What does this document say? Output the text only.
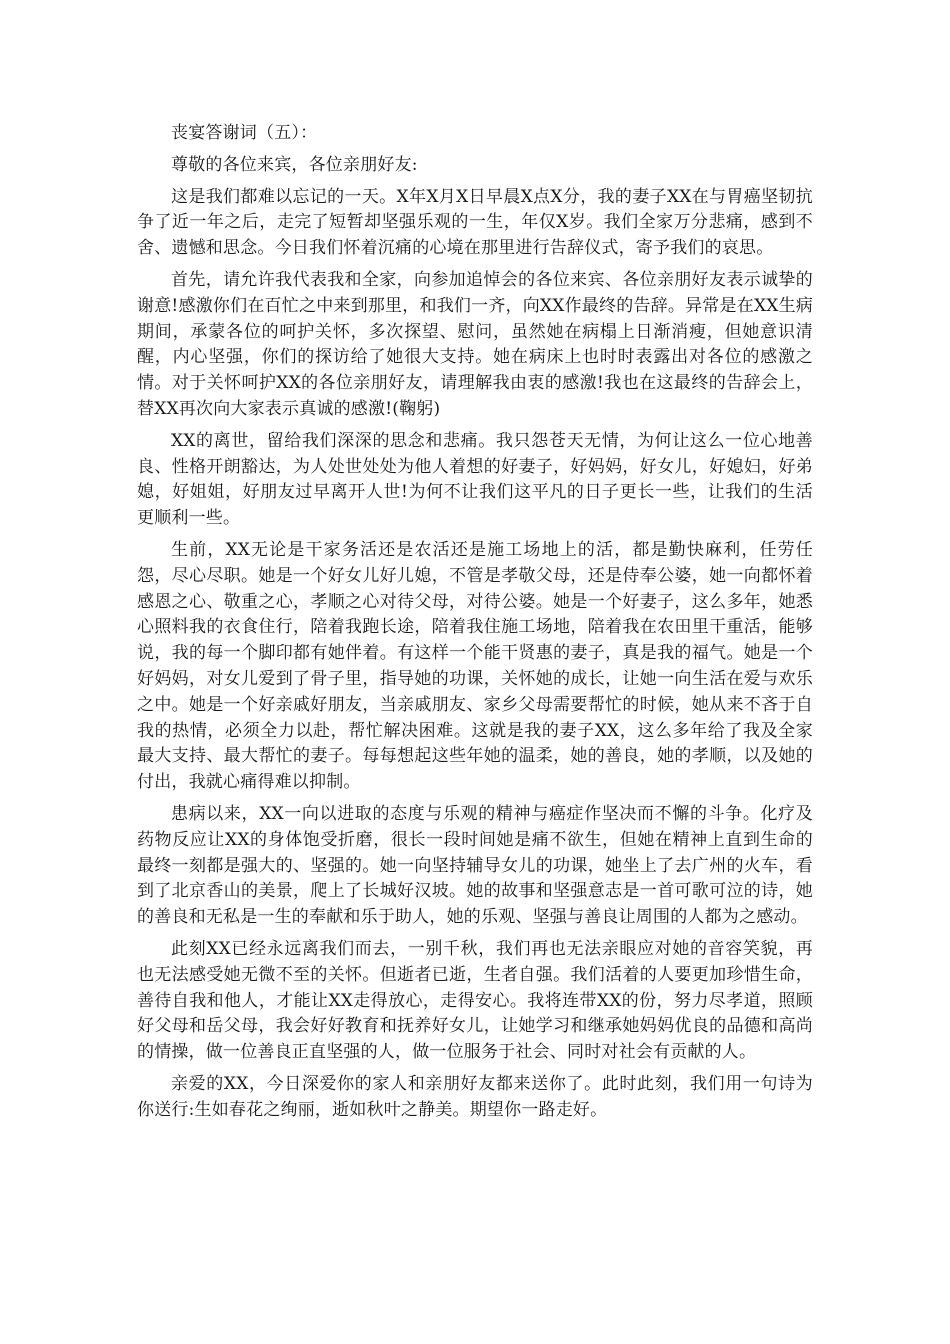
丧宴答谢词（五）：

尊敬的各位来宾，各位亲朋好友:

这是我们都难以忘记的一天。X年X月X日早晨X点X分，我的妻子XX在与胃癌坚韧抗争了近一年之后，走完了短暂却坚强乐观的一生，年仅X岁。我们全家万分悲痛，感到不舍、遗憾和思念。今日我们怀着沉痛的心境在那里进行告辞仪式，寄予我们的哀思。

首先，请允许我代表我和全家，向参加追悼会的各位来宾、各位亲朋好友表示诚挚的谢意!感激你们在百忙之中来到那里，和我们一齐，向XX作最终的告辞。异常是在XX生病期间，承蒙各位的呵护关怀，多次探望、慰问，虽然她在病榻上日渐消瘦，但她意识清醒，内心坚强，你们的探访给了她很大支持。她在病床上也时时表露出对各位的感激之情。对于关怀呵护XX的各位亲朋好友，请理解我由衷的感激!我也在这最终的告辞会上，替XX再次向大家表示真诚的感激!(鞠躬)

XX的离世，留给我们深深的思念和悲痛。我只怨苍天无情，为何让这么一位心地善良、性格开朗豁达，为人处世处处为他人着想的好妻子，好妈妈，好女儿，好媳妇，好弟媳，好姐姐，好朋友过早离开人世!为何不让我们这平凡的日子更长一些，让我们的生活更顺利一些。

生前，XX无论是干家务活还是农活还是施工场地上的活，都是勤快麻利，任劳任怨，尽心尽职。她是一个好女儿好儿媳，不管是孝敬父母，还是侍奉公婆，她一向都怀着感恩之心、敬重之心，孝顺之心对待父母，对待公婆。她是一个好妻子，这么多年，她悉心照料我的衣食住行，陪着我跑长途，陪着我住施工场地，陪着我在农田里干重活，能够说，我的每一个脚印都有她伴着。有这样一个能干贤惠的妻子，真是我的福气。她是一个好妈妈，对女儿爱到了骨子里，指导她的功课，关怀她的成长，让她一向生活在爱与欢乐之中。她是一个好亲戚好朋友，当亲戚朋友、家乡父母需要帮忙的时候，她从来不吝于自我的热情，必须全力以赴，帮忙解决困难。这就是我的妻子XX，这么多年给了我及全家最大支持、最大帮忙的妻子。每每想起这些年她的温柔，她的善良，她的孝顺，以及她的付出，我就心痛得难以抑制。

患病以来，XX一向以进取的态度与乐观的精神与癌症作坚决而不懈的斗争。化疗及药物反应让XX的身体饱受折磨，很长一段时间她是痛不欲生，但她在精神上直到生命的最终一刻都是强大的、坚强的。她一向坚持辅导女儿的功课，她坐上了去广州的火车，看到了北京香山的美景，爬上了长城好汉坡。她的故事和坚强意志是一首可歌可泣的诗，她的善良和无私是一生的奉献和乐于助人，她的乐观、坚强与善良让周围的人都为之感动。

此刻XX已经永远离我们而去，一别千秋，我们再也无法亲眼应对她的音容笑貌，再也无法感受她无微不至的关怀。但逝者已逝，生者自强。我们活着的人要更加珍惜生命，善待自我和他人，才能让XX走得放心，走得安心。我将连带XX的份，努力尽孝道，照顾好父母和岳父母，我会好好教育和抚养好女儿，让她学习和继承她妈妈优良的品德和高尚的情操，做一位善良正直坚强的人，做一位服务于社会、同时对社会有贡献的人。

亲爱的XX，今日深爱你的家人和亲朋好友都来送你了。此时此刻，我们用一句诗为你送行:生如春花之绚丽，逝如秋叶之静美。期望你一路走好。
